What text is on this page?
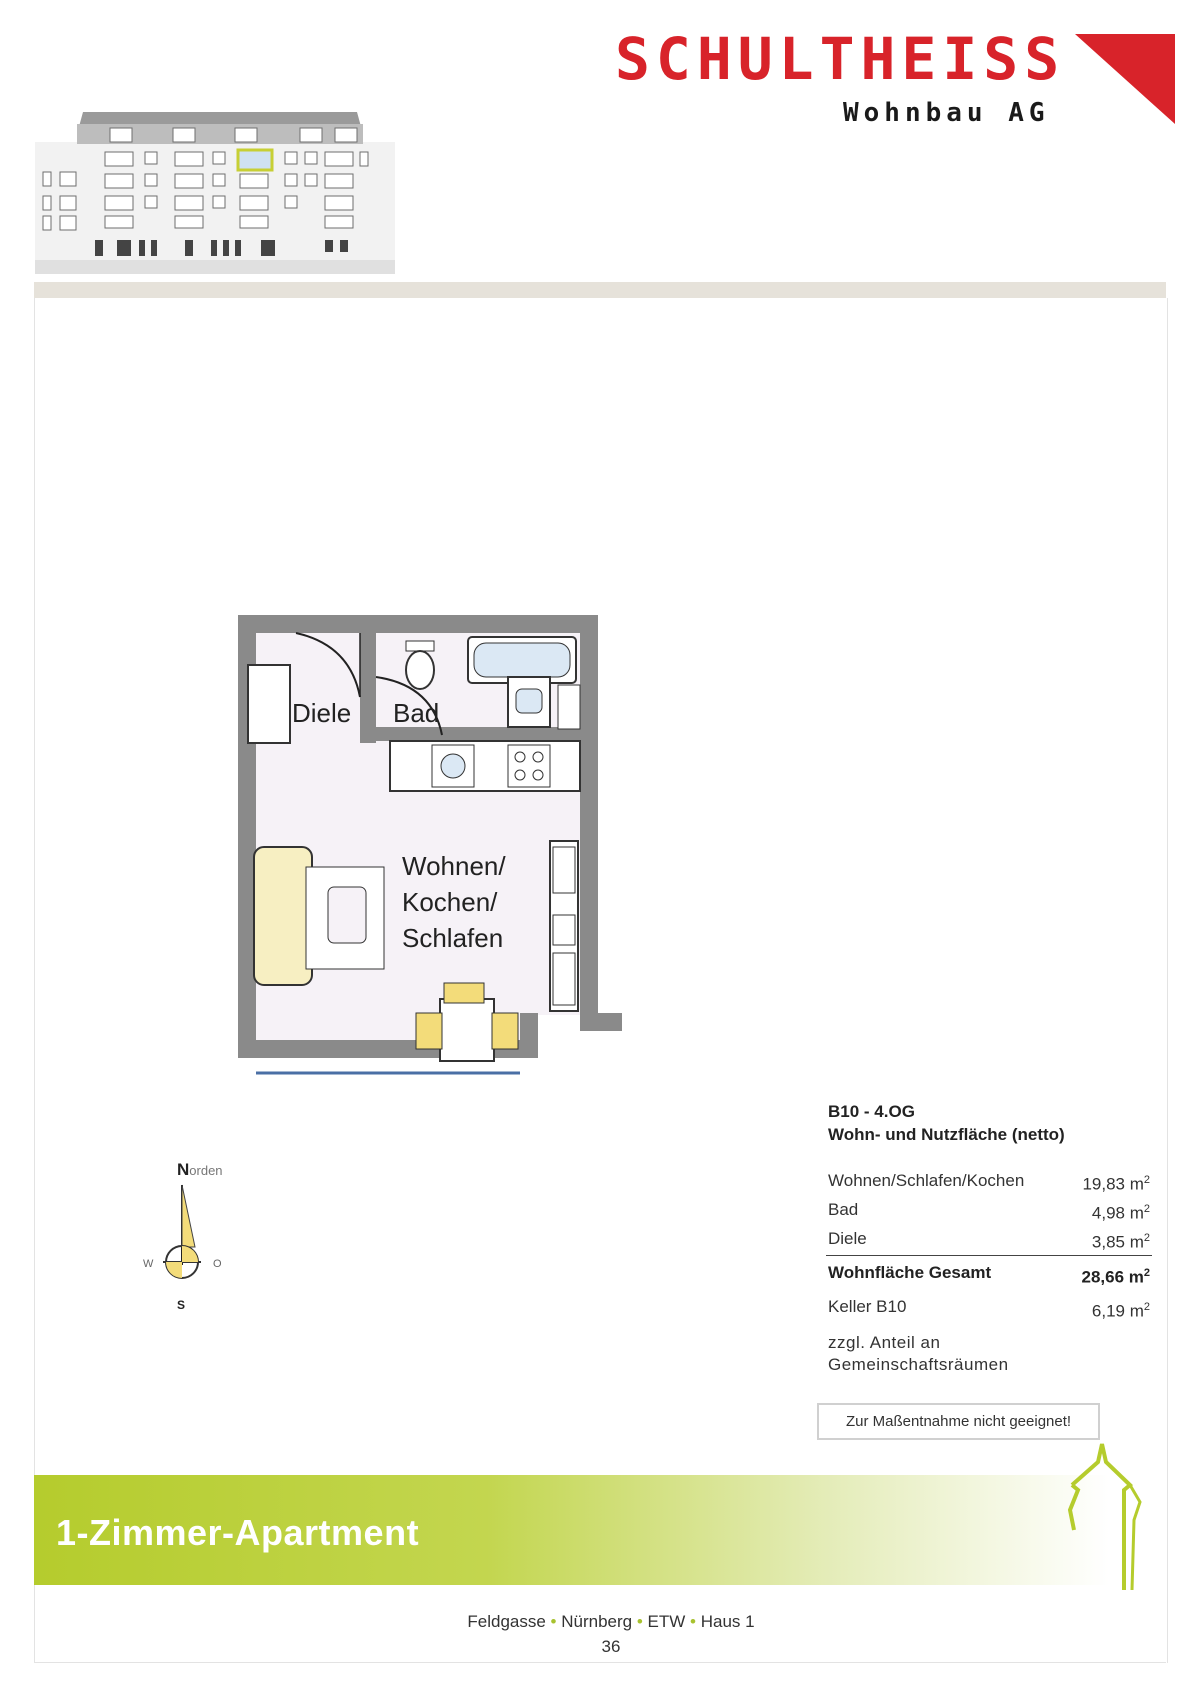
SCHULTHEISS
Wohnbau AG
Diele Bad
Wohnen/
Kochen/
Schlafen
Norden
W	O
S
B10 - 4.OG
Wohn- und Nutzfläche (netto)
Wohnen/Schlafen/Kochen	19,83 $m^2$
Bad	4,98 $m^2$
Diele	3,85 $m^2$
Wohnfläche Gesamt	28,66 $m^2$
Keller B10	6,19 $m^2$
zzgl. Anteil an
Gemeinschaftsräumen
Zur Maßentnahme nicht geeignet!
1-Zimmer-Apartment
Feldgasse • Nürnberg • ETW • Haus 1
36
